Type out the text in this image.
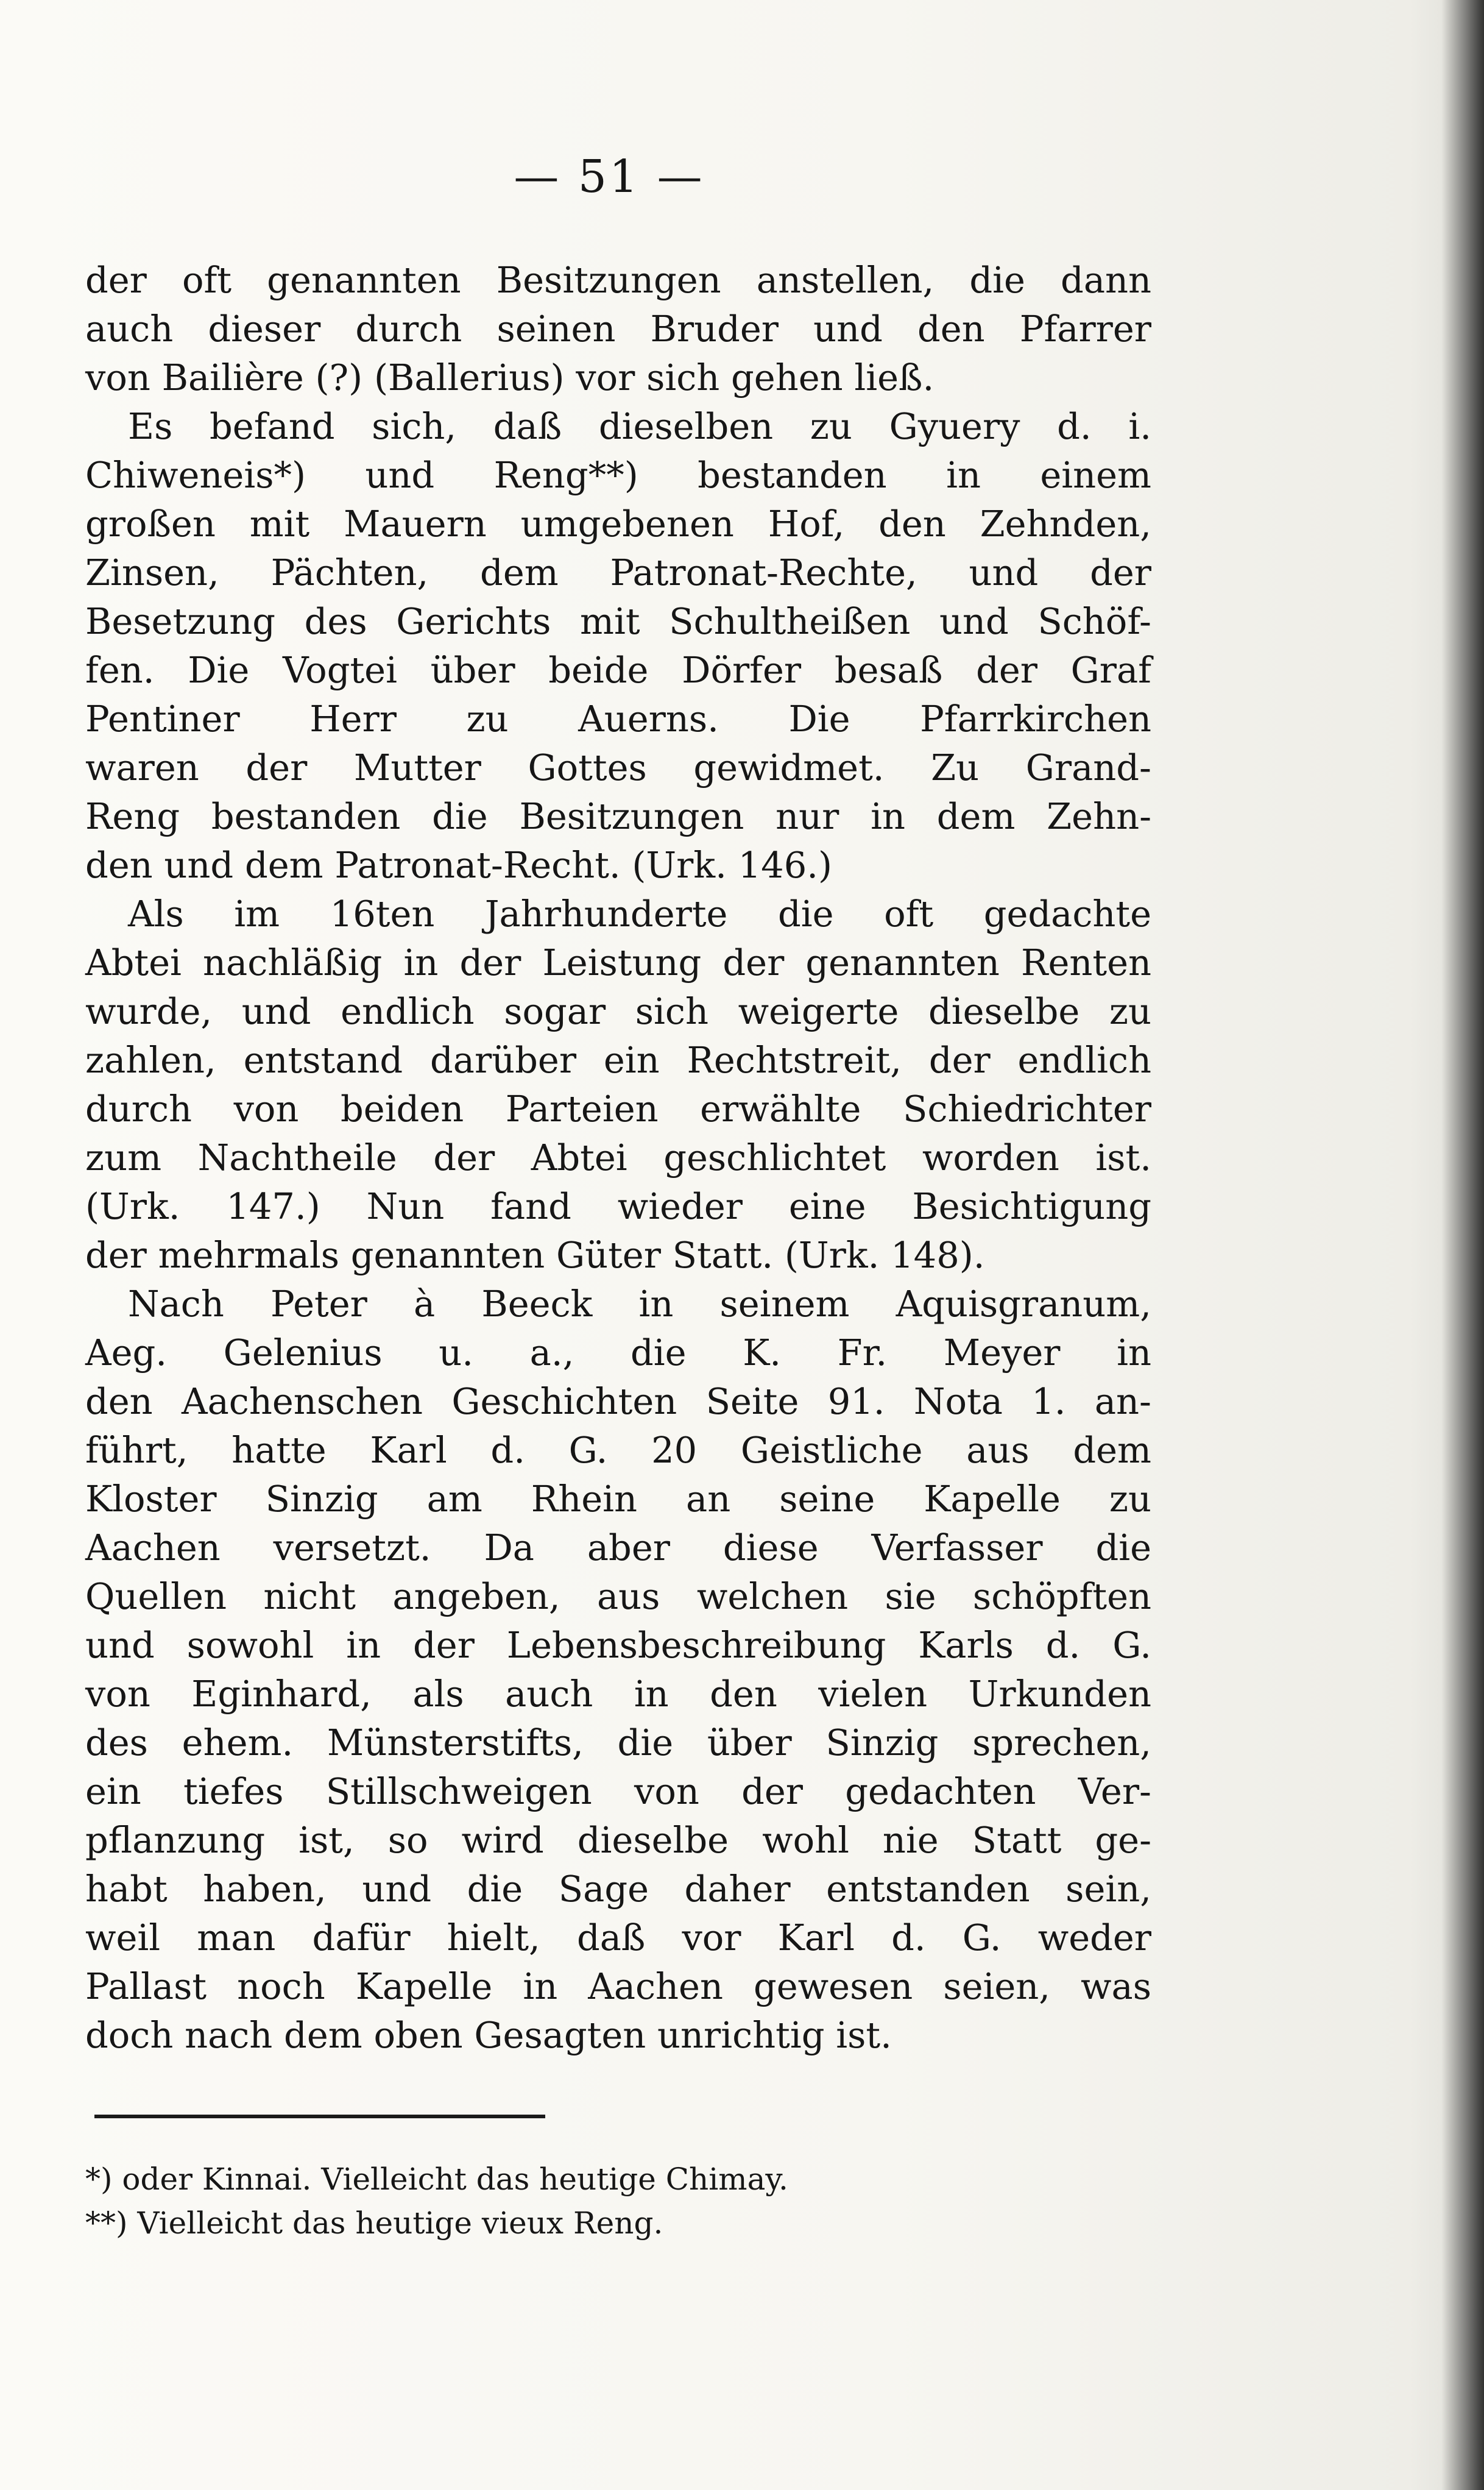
— 51 —
der oft genannten Besitzungen anstellen, die dann
auch dieser durch seinen Bruder und den Pfarrer
von Bailière (?) (Ballerius) vor sich gehen ließ.
Es befand sich, daß dieselben zu Gyuery d. i.
Chiweneis*) und Reng**) bestanden in einem
großen mit Mauern umgebenen Hof, den Zehnden,
Zinsen, Pächten, dem Patronat-Rechte, und der
Besetzung des Gerichts mit Schultheißen und Schöf-
fen. Die Vogtei über beide Dörfer besaß der Graf
Pentiner Herr zu Auerns. Die Pfarrkirchen
waren der Mutter Gottes gewidmet. Zu Grand-
Reng bestanden die Besitzungen nur in dem Zehn-
den und dem Patronat-Recht. (Urk. 146.)
Als im 16ten Jahrhunderte die oft gedachte
Abtei nachläßig in der Leistung der genannten Renten
wurde, und endlich sogar sich weigerte dieselbe zu
zahlen, entstand darüber ein Rechtstreit, der endlich
durch von beiden Parteien erwählte Schiedrichter
zum Nachtheile der Abtei geschlichtet worden ist.
(Urk. 147.) Nun fand wieder eine Besichtigung
der mehrmals genannten Güter Statt. (Urk. 148).
Nach Peter à Beeck in seinem Aquisgranum,
Aeg. Gelenius u. a., die K. Fr. Meyer in
den Aachenschen Geschichten Seite 91. Nota 1. an-
führt, hatte Karl d. G. 20 Geistliche aus dem
Kloster Sinzig am Rhein an seine Kapelle zu
Aachen versetzt. Da aber diese Verfasser die
Quellen nicht angeben, aus welchen sie schöpften
und sowohl in der Lebensbeschreibung Karls d. G.
von Eginhard, als auch in den vielen Urkunden
des ehem. Münsterstifts, die über Sinzig sprechen,
ein tiefes Stillschweigen von der gedachten Ver-
pflanzung ist, so wird dieselbe wohl nie Statt ge-
habt haben, und die Sage daher entstanden sein,
weil man dafür hielt, daß vor Karl d. G. weder
Pallast noch Kapelle in Aachen gewesen seien, was
doch nach dem oben Gesagten unrichtig ist.
*) oder Kinnai. Vielleicht das heutige Chimay.
**) Vielleicht das heutige vieux Reng.
